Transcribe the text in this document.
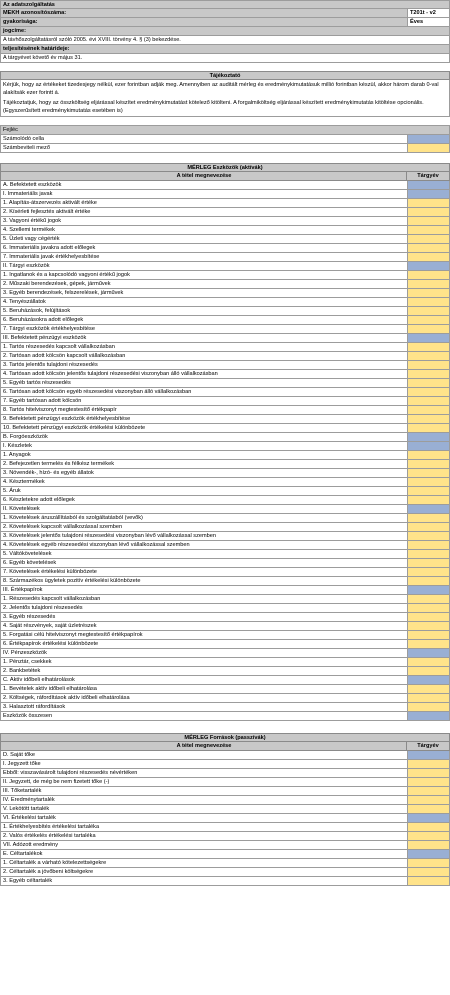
Az adatszolgáltatás
MEKH azonosítószáma:	T201t - v2
gyakorisága:	Éves
jogcíme:
A távhőszolgáltatásról szóló 2005. évi XVIII. törvény 4. § (3) bekezdése.
teljesítésének határideje:
A tárgyévet követő év május 31.
Tájékoztató
Kérjük, hogy az értékeket tizedesjegy nélkül, ezer forintban adják meg. Amennyiben az auditált mérleg és eredménykimutatásuk millió forintban készül, akkor három darab 0-val alakítsák ezer forintt á.
Tájékoztatjuk, hogy az összköltség eljárással készítet eredménykimutatást kötelező kitölteni. A forgalmiköltség eljárással készített eredménykimutatás kitöltése opcionális. (Egyszerűsített eredménykimutatás esetében is)
Fejléc
Számolódó cella
Számbeviteli mező
MÉRLEG Eszközök (aktívák)
A tétel megnevezése	Tárgyév
A. Befektetett eszközök
I. Immateriális javak
1. Alapítás-átszervezés aktivált értéke
2. Kísérleti fejlesztés aktivált értéke
3. Vagyoni értékű jogok
4. Szellemi termékek
5. Üzleti vagy cégérték
6. Immateriális javakra adott előlegek
7. Immateriális javak értékhelyesbítése
II. Tárgyi eszközök
1. Ingatlanok és a kapcsolódó vagyoni értékű jogok
2. Műszaki berendezések, gépek, járművek
3. Egyéb berendezések, felszerelések, járművek
4. Tenyészállatok
5. Beruházások, felújítások
6. Beruházásokra adott előlegek
7. Tárgyi eszközök értékhelyesbítése
III. Befektetett pénzügyi eszközök
1. Tartós részesedés kapcsolt vállalkozásban
2. Tartósan adott kölcsön kapcsolt vállalkozásban
3. Tartós jelentős tulajdoni részesedés
4. Tartósan adott kölcsön jelentős tulajdoni részesedési viszonyban álló vállalkozásban
5. Egyéb tartós részesedés
6. Tartósan adott kölcsön egyéb részesedési viszonyban álló vállalkozásban
7. Egyéb tartósan adott kölcsön
8. Tartós hitelviszonyt megtestesítő értékpapír
9. Befektetett pénzügyi eszközök értékhelyesbítése
10. Befektetett pénzügyi eszközök értékelési különbözete
B. Forgóeszközök
I. Készletek
1. Anyagok
2. Befejezetlen termelés és félkész termékek
3. Növendék-, hízó- és egyéb állatok
4. Késztermékek
5. Áruk
6. Készletekre adott előlegek
II. Követelések
1. Követelések áruszállításból és szolgáltatásból (vevők)
2. Követelések kapcsolt vállalkozással szemben
3. Követelések jelentős tulajdoni részesedési viszonyban lévő vállalkozással szemben
4. Követelések egyéb részesedési viszonyban lévő vállalkozással szemben
5. Váltókövetelések
6. Egyéb követelések
7. Követelések értékelési különbözete
8. Származékos ügyletek pozitív értékelési különbözete
III. Értékpapírok
1. Részesedés kapcsolt vállalkozásban
2. Jelentős tulajdoni részesedés
3. Egyéb részesedés
4. Saját részvények, saját üzletrészek
5. Forgatási célú hitelviszonyt megtestesítő értékpapírok
6. Értékpapírok értékelési különbözete
IV. Pénzeszközök
1. Pénztár, csekkek
2. Bankbetétek
C. Aktív időbeli elhatárolások
1. Bevételek aktív időbeli elhatárolása
2. Költségek, ráfordítások aktív időbeli elhatárolása
3. Halasztott ráfordítások
Eszközök összesen
MÉRLEG Források (passzívák)
A tétel megnevezése	Tárgyév
D. Saját tőke
I. Jegyzett tőke
Ebből: visszavásárolt tulajdoni részesedés névértéken
II. Jegyzett, de még be nem fizetett tőke (-)
III. Tőketartalék
IV. Eredménytartalék
V. Lekötött tartalék
VI. Értékelési tartalék
1. Értékhelyesbítés értékelési tartaléka
2. Valós értékelés értékelési tartaléka
VII. Adózott eredmény
E. Céltartalékok
1. Céltartalék a várható kötelezettségekre
2. Céltartalék a jövőbeni költségekre
3. Egyéb céltartalék
